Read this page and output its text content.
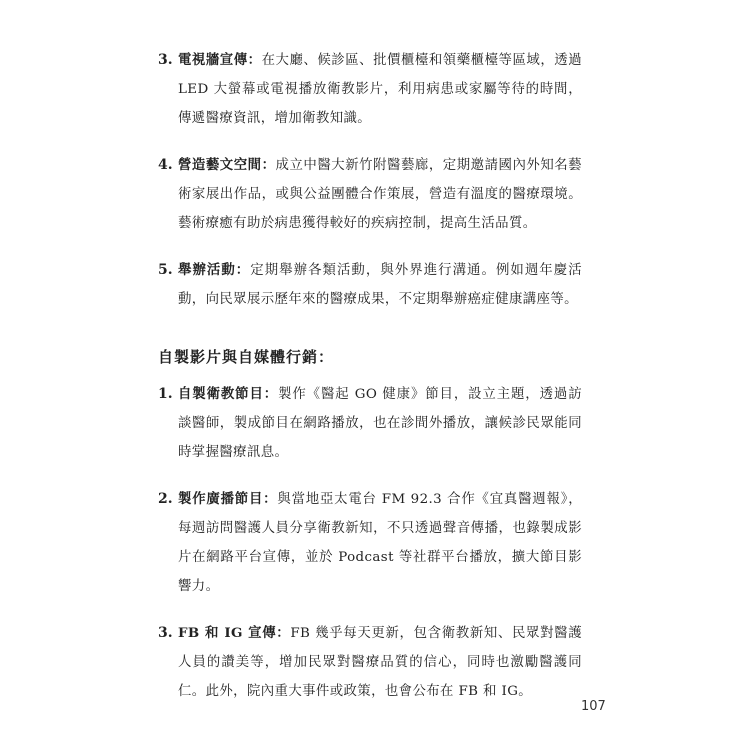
3. 電視牆宣傳：在大廳、候診區、批價櫃檯和領藥櫃檯等區域，透過 LED 大螢幕或電視播放衛教影片，利用病患或家屬等待的時間，傳遞醫療資訊，增加衛教知識。
4. 營造藝文空間：成立中醫大新竹附醫藝廊，定期邀請國內外知名藝術家展出作品，或與公益團體合作策展，營造有溫度的醫療環境。藝術療癒有助於病患獲得較好的疾病控制，提高生活品質。
5. 舉辦活動：定期舉辦各類活動，與外界進行溝通。例如週年慶活動，向民眾展示歷年來的醫療成果，不定期舉辦癌症健康講座等。
自製影片與自媒體行銷：
1. 自製衛教節目：製作《醫起 GO 健康》節目，設立主題，透過訪談醫師，製成節目在網路播放，也在診間外播放，讓候診民眾能同時掌握醫療訊息。
2. 製作廣播節目：與當地亞太電台 FM 92.3 合作《宜真醫週報》，每週訪問醫護人員分享衛教新知，不只透過聲音傳播，也錄製成影片在網路平台宣傳，並於 Podcast 等社群平台播放，擴大節目影響力。
3. FB 和 IG 宣傳：FB 幾乎每天更新，包含衛教新知、民眾對醫護人員的讚美等，增加民眾對醫療品質的信心，同時也激勵醫護同仁。此外，院內重大事件或政策，也會公布在 FB 和 IG。
107
